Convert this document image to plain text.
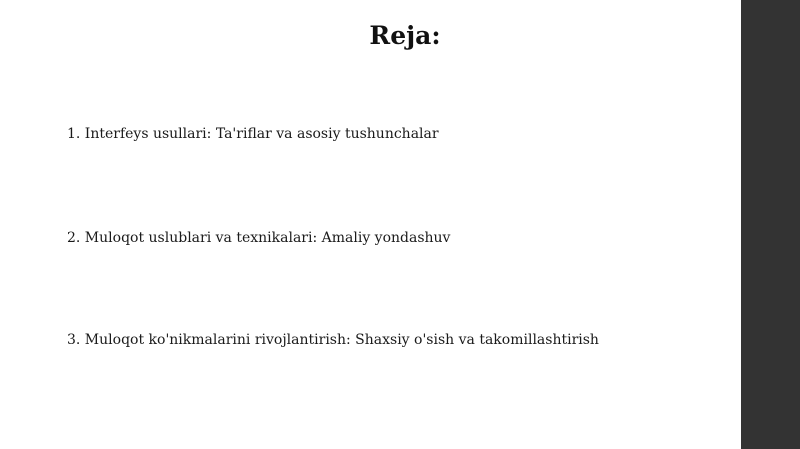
Reja:
1. Interfeys usullari: Ta'riflar va asosiy tushunchalar
2. Muloqot uslublari va texnikalari: Amaliy yondashuv
3. Muloqot ko'nikmalarini rivojlantirish: Shaxsiy o'sish va takomillashtirish
